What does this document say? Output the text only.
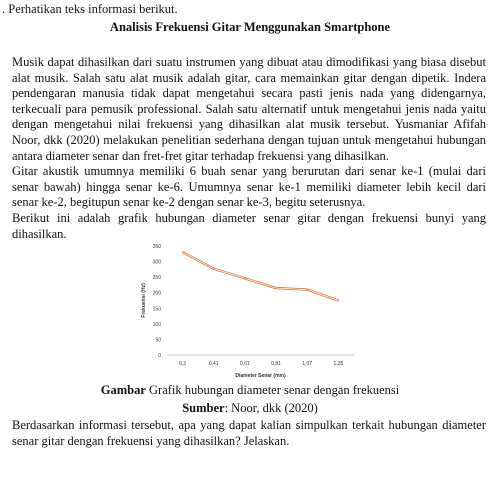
. Perhatikan teks informasi berikut.
Analisis Frekuensi Gitar Menggunakan Smartphone

Musik dapat dihasilkan dari suatu instrumen yang dibuat atau dimodifikasi yang biasa disebut alat musik. Salah satu alat musik adalah gitar, cara memainkan gitar dengan dipetik. Indera pendengaran manusia tidak dapat mengetahui secara pasti jenis nada yang didengarnya, terkecuali para pemusik professional. Salah satu alternatif untuk mengetahui jenis nada yaitu dengan mengetahui nilai frekuensi yang dihasilkan alat musik tersebut. Yusmaniar Afifah Noor, dkk (2020) melakukan penelitian sederhana dengan tujuan untuk mengetahui hubungan antara diameter senar dan fret-fret gitar terhadap frekuensi yang dihasilkan.

Gitar akustik umumnya memiliki 6 buah senar yang berurutan dari senar ke-1 (mulai dari senar bawah) hingga senar ke-6. Umumnya senar ke-1 memiliki diameter lebih kecil dari senar ke-2, begitupun senar ke-2 dengan senar ke-3, begitu seterusnya.

Berikut ini adalah grafik hubungan diameter senar gitar dengan frekuensi bunyi yang dihasilkan.

0
50
100
150
200
250
300
350
0,3	0,41	0,61	0,81	1,07	1,35
Diameter Senar (mm)
Frekuensi (Hz)
Gambar Grafik hubungan diameter senar dengan frekuensi
Sumber: Noor, dkk (2020)
Berdasarkan informasi tersebut, apa yang dapat kalian simpulkan terkait hubungan diameter senar gitar dengan frekuensi yang dihasilkan? Jelaskan.
